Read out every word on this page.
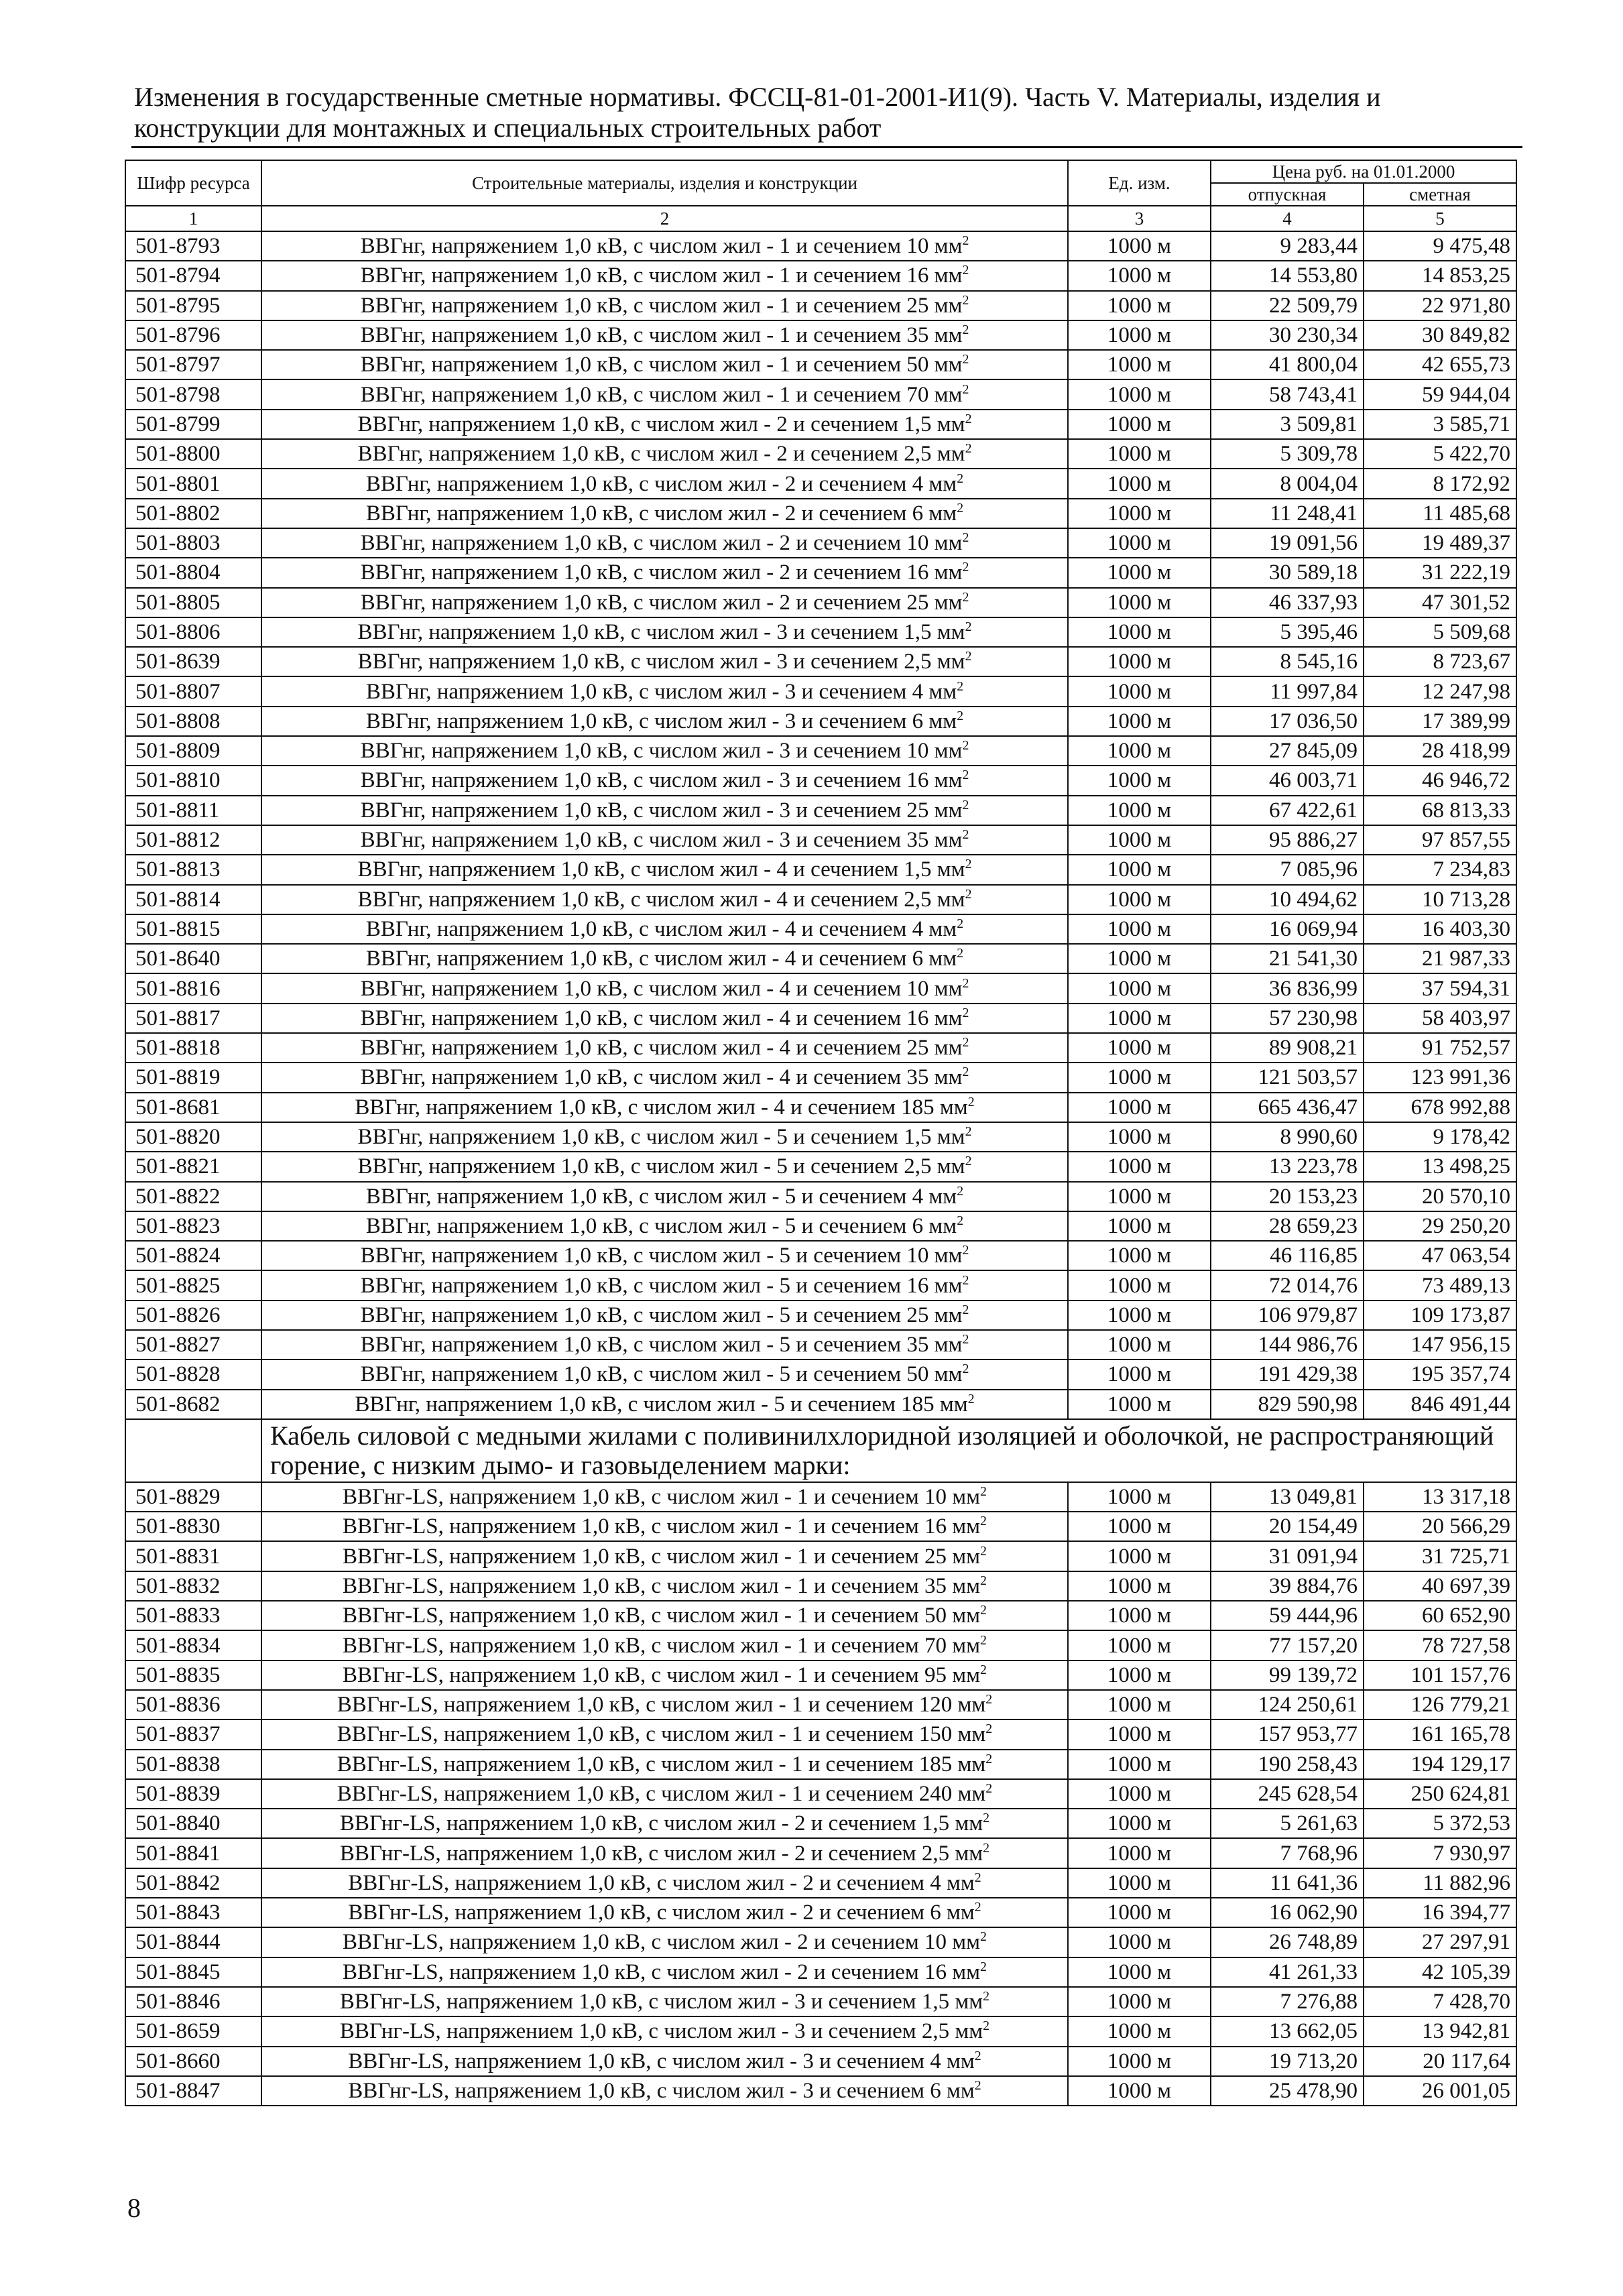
Изменения в государственные сметные нормативы. ФССЦ-81-01-2001-И1(9). Часть V. Материалы, изделия и конструкции для монтажных и специальных строительных работ
Шифр ресурса	Строительные материалы, изделия и конструкции	Ед. изм.	Цена руб. на 01.01.2000	
			отпускная	сметная
1	2	3	4	5
501-8793	ВВГнг, напряжением 1,0 кВ, с числом жил - 1 и сечением 10 $мм^2$	1000 м	9 283,44	9 475,48
501-8794	ВВГнг, напряжением 1,0 кВ, с числом жил - 1 и сечением 16 $мм^2$	1000 м	14 553,80	14 853,25
501-8795	ВВГнг, напряжением 1,0 кВ, с числом жил - 1 и сечением 25 $мм^2$	1000 м	22 509,79	22 971,80
501-8796	ВВГнг, напряжением 1,0 кВ, с числом жил - 1 и сечением 35 $мм^2$	1000 м	30 230,34	30 849,82
501-8797	ВВГнг, напряжением 1,0 кВ, с числом жил - 1 и сечением 50 $мм^2$	1000 м	41 800,04	42 655,73
501-8798	ВВГнг, напряжением 1,0 кВ, с числом жил - 1 и сечением 70 $мм^2$	1000 м	58 743,41	59 944,04
501-8799	ВВГнг, напряжением 1,0 кВ, с числом жил - 2 и сечением 1,5 $мм^2$	1000 м	3 509,81	3 585,71
501-8800	ВВГнг, напряжением 1,0 кВ, с числом жил - 2 и сечением 2,5 $мм^2$	1000 м	5 309,78	5 422,70
501-8801	ВВГнг, напряжением 1,0 кВ, с числом жил - 2 и сечением 4 $мм^2$	1000 м	8 004,04	8 172,92
501-8802	ВВГнг, напряжением 1,0 кВ, с числом жил - 2 и сечением 6 $мм^2$	1000 м	11 248,41	11 485,68
501-8803	ВВГнг, напряжением 1,0 кВ, с числом жил - 2 и сечением 10 $мм^2$	1000 м	19 091,56	19 489,37
501-8804	ВВГнг, напряжением 1,0 кВ, с числом жил - 2 и сечением 16 $мм^2$	1000 м	30 589,18	31 222,19
501-8805	ВВГнг, напряжением 1,0 кВ, с числом жил - 2 и сечением 25 $мм^2$	1000 м	46 337,93	47 301,52
501-8806	ВВГнг, напряжением 1,0 кВ, с числом жил - 3 и сечением 1,5 $мм^2$	1000 м	5 395,46	5 509,68
501-8639	ВВГнг, напряжением 1,0 кВ, с числом жил - 3 и сечением 2,5 $мм^2$	1000 м	8 545,16	8 723,67
501-8807	ВВГнг, напряжением 1,0 кВ, с числом жил - 3 и сечением 4 $мм^2$	1000 м	11 997,84	12 247,98
501-8808	ВВГнг, напряжением 1,0 кВ, с числом жил - 3 и сечением 6 $мм^2$	1000 м	17 036,50	17 389,99
501-8809	ВВГнг, напряжением 1,0 кВ, с числом жил - 3 и сечением 10 $мм^2$	1000 м	27 845,09	28 418,99
501-8810	ВВГнг, напряжением 1,0 кВ, с числом жил - 3 и сечением 16 $мм^2$	1000 м	46 003,71	46 946,72
501-8811	ВВГнг, напряжением 1,0 кВ, с числом жил - 3 и сечением 25 $мм^2$	1000 м	67 422,61	68 813,33
501-8812	ВВГнг, напряжением 1,0 кВ, с числом жил - 3 и сечением 35 $мм^2$	1000 м	95 886,27	97 857,55
501-8813	ВВГнг, напряжением 1,0 кВ, с числом жил - 4 и сечением 1,5 $мм^2$	1000 м	7 085,96	7 234,83
501-8814	ВВГнг, напряжением 1,0 кВ, с числом жил - 4 и сечением 2,5 $мм^2$	1000 м	10 494,62	10 713,28
501-8815	ВВГнг, напряжением 1,0 кВ, с числом жил - 4 и сечением 4 $мм^2$	1000 м	16 069,94	16 403,30
501-8640	ВВГнг, напряжением 1,0 кВ, с числом жил - 4 и сечением 6 $мм^2$	1000 м	21 541,30	21 987,33
501-8816	ВВГнг, напряжением 1,0 кВ, с числом жил - 4 и сечением 10 $мм^2$	1000 м	36 836,99	37 594,31
501-8817	ВВГнг, напряжением 1,0 кВ, с числом жил - 4 и сечением 16 $мм^2$	1000 м	57 230,98	58 403,97
501-8818	ВВГнг, напряжением 1,0 кВ, с числом жил - 4 и сечением 25 $мм^2$	1000 м	89 908,21	91 752,57
501-8819	ВВГнг, напряжением 1,0 кВ, с числом жил - 4 и сечением 35 $мм^2$	1000 м	121 503,57	123 991,36
501-8681	ВВГнг, напряжением 1,0 кВ, с числом жил - 4 и сечением 185 $мм^2$	1000 м	665 436,47	678 992,88
501-8820	ВВГнг, напряжением 1,0 кВ, с числом жил - 5 и сечением 1,5 $мм^2$	1000 м	8 990,60	9 178,42
501-8821	ВВГнг, напряжением 1,0 кВ, с числом жил - 5 и сечением 2,5 $мм^2$	1000 м	13 223,78	13 498,25
501-8822	ВВГнг, напряжением 1,0 кВ, с числом жил - 5 и сечением 4 $мм^2$	1000 м	20 153,23	20 570,10
501-8823	ВВГнг, напряжением 1,0 кВ, с числом жил - 5 и сечением 6 $мм^2$	1000 м	28 659,23	29 250,20
501-8824	ВВГнг, напряжением 1,0 кВ, с числом жил - 5 и сечением 10 $мм^2$	1000 м	46 116,85	47 063,54
501-8825	ВВГнг, напряжением 1,0 кВ, с числом жил - 5 и сечением 16 $мм^2$	1000 м	72 014,76	73 489,13
501-8826	ВВГнг, напряжением 1,0 кВ, с числом жил - 5 и сечением 25 $мм^2$	1000 м	106 979,87	109 173,87
501-8827	ВВГнг, напряжением 1,0 кВ, с числом жил - 5 и сечением 35 $мм^2$	1000 м	144 986,76	147 956,15
501-8828	ВВГнг, напряжением 1,0 кВ, с числом жил - 5 и сечением 50 $мм^2$	1000 м	191 429,38	195 357,74
501-8682	ВВГнг, напряжением 1,0 кВ, с числом жил - 5 и сечением 185 $мм^2$	1000 м	829 590,98	846 491,44
	Кабель силовой с медными жилами с поливинилхлоридной изоляцией и оболочкой, не распространяющий горение, с низким дымо- и газовыделением марки:			
501-8829	ВВГнг-LS, напряжением 1,0 кВ, с числом жил - 1 и сечением 10 $мм^2$	1000 м	13 049,81	13 317,18
501-8830	ВВГнг-LS, напряжением 1,0 кВ, с числом жил - 1 и сечением 16 $мм^2$	1000 м	20 154,49	20 566,29
501-8831	ВВГнг-LS, напряжением 1,0 кВ, с числом жил - 1 и сечением 25 $мм^2$	1000 м	31 091,94	31 725,71
501-8832	ВВГнг-LS, напряжением 1,0 кВ, с числом жил - 1 и сечением 35 $мм^2$	1000 м	39 884,76	40 697,39
501-8833	ВВГнг-LS, напряжением 1,0 кВ, с числом жил - 1 и сечением 50 $мм^2$	1000 м	59 444,96	60 652,90
501-8834	ВВГнг-LS, напряжением 1,0 кВ, с числом жил - 1 и сечением 70 $мм^2$	1000 м	77 157,20	78 727,58
501-8835	ВВГнг-LS, напряжением 1,0 кВ, с числом жил - 1 и сечением 95 $мм^2$	1000 м	99 139,72	101 157,76
501-8836	ВВГнг-LS, напряжением 1,0 кВ, с числом жил - 1 и сечением 120 $мм^2$	1000 м	124 250,61	126 779,21
501-8837	ВВГнг-LS, напряжением 1,0 кВ, с числом жил - 1 и сечением 150 $мм^2$	1000 м	157 953,77	161 165,78
501-8838	ВВГнг-LS, напряжением 1,0 кВ, с числом жил - 1 и сечением 185 $мм^2$	1000 м	190 258,43	194 129,17
501-8839	ВВГнг-LS, напряжением 1,0 кВ, с числом жил - 1 и сечением 240 $мм^2$	1000 м	245 628,54	250 624,81
501-8840	ВВГнг-LS, напряжением 1,0 кВ, с числом жил - 2 и сечением 1,5 $мм^2$	1000 м	5 261,63	5 372,53
501-8841	ВВГнг-LS, напряжением 1,0 кВ, с числом жил - 2 и сечением 2,5 $мм^2$	1000 м	7 768,96	7 930,97
501-8842	ВВГнг-LS, напряжением 1,0 кВ, с числом жил - 2 и сечением 4 $мм^2$	1000 м	11 641,36	11 882,96
501-8843	ВВГнг-LS, напряжением 1,0 кВ, с числом жил - 2 и сечением 6 $мм^2$	1000 м	16 062,90	16 394,77
501-8844	ВВГнг-LS, напряжением 1,0 кВ, с числом жил - 2 и сечением 10 $мм^2$	1000 м	26 748,89	27 297,91
501-8845	ВВГнг-LS, напряжением 1,0 кВ, с числом жил - 2 и сечением 16 $мм^2$	1000 м	41 261,33	42 105,39
501-8846	ВВГнг-LS, напряжением 1,0 кВ, с числом жил - 3 и сечением 1,5 $мм^2$	1000 м	7 276,88	7 428,70
501-8659	ВВГнг-LS, напряжением 1,0 кВ, с числом жил - 3 и сечением 2,5 $мм^2$	1000 м	13 662,05	13 942,81
501-8660	ВВГнг-LS, напряжением 1,0 кВ, с числом жил - 3 и сечением 4 $мм^2$	1000 м	19 713,20	20 117,64
501-8847	ВВГнг-LS, напряжением 1,0 кВ, с числом жил - 3 и сечением 6 $мм^2$	1000 м	25 478,90	26 001,05
8
